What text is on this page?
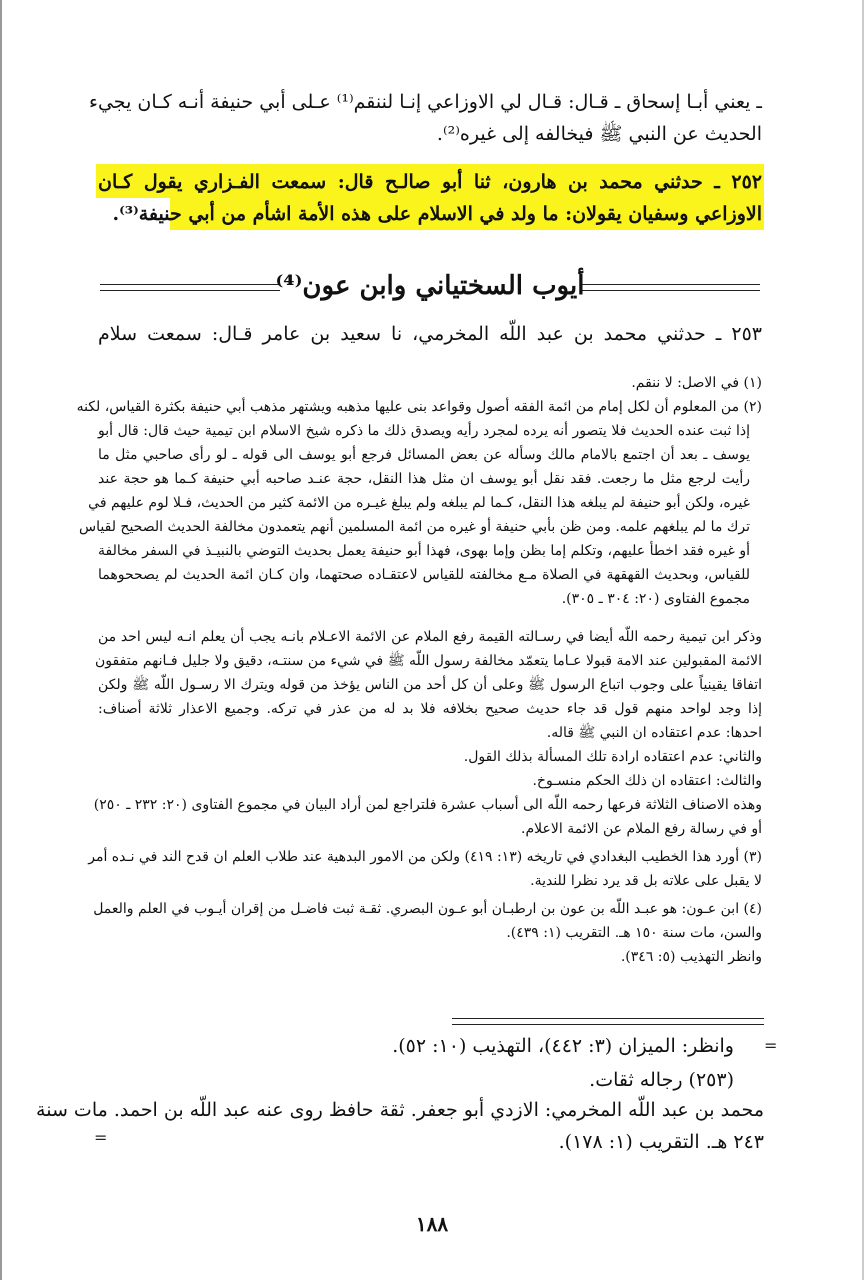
ـ يعني أبـا إسحاق ـ قـال: قـال لي الاوزاعي إنـا لننقم⁽¹⁾ عـلى أبي حنيفة أنـه كـان يجيء
الحديث عن النبي ﷺ فيخالفه إلى غيره⁽²⁾.
٢٥٢ ـ حدثني محمد بن هارون، ثنا أبو صالـح قال: سمعت الفـزاري يقول كـان
الاوزاعي وسفيان يقولان: ما ولد في الاسلام على هذه الأمة اشأم من أبي حنيفة⁽³⁾.
أيوب السختياني وابن عون⁽⁴⁾
٢٥٣ ـ حدثني محمد بن عبد اللّه المخرمي، نا سعيد بن عامر قـال: سمعت سلام
(١) في الاصل: لا ننقم.
(٢) من المعلوم أن لكل إمام من ائمة الفقه أصول وقواعد بنى عليها مذهبه ويشتهر مذهب أبي حنيفة بكثرة القياس، لكنه
إذا ثبت عنده الحديث فلا يتصور أنه يرده لمجرد رأيه ويصدق ذلك ما ذكره شيخ الاسلام ابن تيمية حيث قال: قال أبو
يوسف ـ بعد أن اجتمع بالامام مالك وسأله عن بعض المسائل فرجع أبو يوسف الى قوله ـ لو رأى صاحبي مثل ما
رأيت لرجع مثل ما رجعت. فقد نقل أبو يوسف ان مثل هذا النقل، حجة عنـد صاحبه أبي حنيفة كـما هو حجة عند
غيره، ولكن أبو حنيفة لم يبلغه هذا النقل، كـما لم يبلغه ولم يبلغ غيـره من الائمة كثير من الحديث، فـلا لوم عليهم في
ترك ما لم يبلغهم علمه. ومن ظن بأبي حنيفة أو غيره من ائمة المسلمين أنهم يتعمدون مخالفة الحديث الصحيح لقياس
أو غيره فقد اخطأ عليهم، وتكلم إما بظن وإما بهوى، فهذا أبو حنيفة يعمل بحديث التوضي بالنبيـذ في السفر مخالفة
للقياس، وبحديث القهقهة في الصلاة مـع مخالفته للقياس لاعتقـاده صحتهما، وان كـان ائمة الحديث لم يصححوهما
مجموع الفتاوى (٢٠: ٣٠٤ ـ ٣٠٥).
وذكر ابن تيمية رحمه اللّه أيضا في رسـالته القيمة رفع الملام عن الائمة الاعـلام بانـه يجب أن يعلم انـه ليس احد من
الائمة المقبولين عند الامة قبولا عـاما يتعمّد مخالفة رسول اللّه ﷺ في شيء من سنتـه، دقيق ولا جليل فـانهم متفقون
اتفاقا يقينياً على وجوب اتباع الرسول ﷺ وعلى أن كل أحد من الناس يؤخذ من قوله ويترك الا رسـول اللّه ﷺ ولكن
إذا وجد لواحد منهم قول قد جاء حديث صحيح بخلافه فلا بد له من عذر في تركه. وجميع الاعذار ثلاثة أصناف:
احدها: عدم اعتقاده ان النبي ﷺ قاله.
والثاني: عدم اعتقاده ارادة تلك المسألة بذلك القول.
والثالث: اعتقاده ان ذلك الحكم منسـوخ.
وهذه الاصناف الثلاثة فرعها رحمه اللّه الى أسباب عشرة فلتراجع لمن أراد البيان في مجموع الفتاوى (٢٠: ٢٣٢ ـ ٢٥٠)
أو في رسالة رفع الملام عن الائمة الاعلام.
(٣) أورد هذا الخطيب البغدادي في تاريخه (١٣: ٤١٩) ولكن من الامور البدهية عند طلاب العلم ان قدح الند في نـده أمر
لا يقبل على علاته بل قد يرد نظرا للندية.
(٤) ابن عـون: هو عبـد اللّه بن عون بن ارطبـان أبو عـون البصري. ثقـة ثبت فاضـل من إقران أيـوب في العلم والعمل
والسن، مات سنة ١٥٠ هـ. التقريب (١: ٤٣٩).
وانظر التهذيب (٥: ٣٤٦).
وانظر: الميزان (٣: ٤٤٢)، التهذيب (١٠: ٥٢).
(٢٥٣) رجاله ثقات.
محمد بن عبد اللّه المخرمي: الازدي أبو جعفر. ثقة حافظ روى عنه عبد اللّه بن احمد. مات سنة
٢٤٣ هـ. التقريب (١: ١٧٨).
=
=
١٨٨
